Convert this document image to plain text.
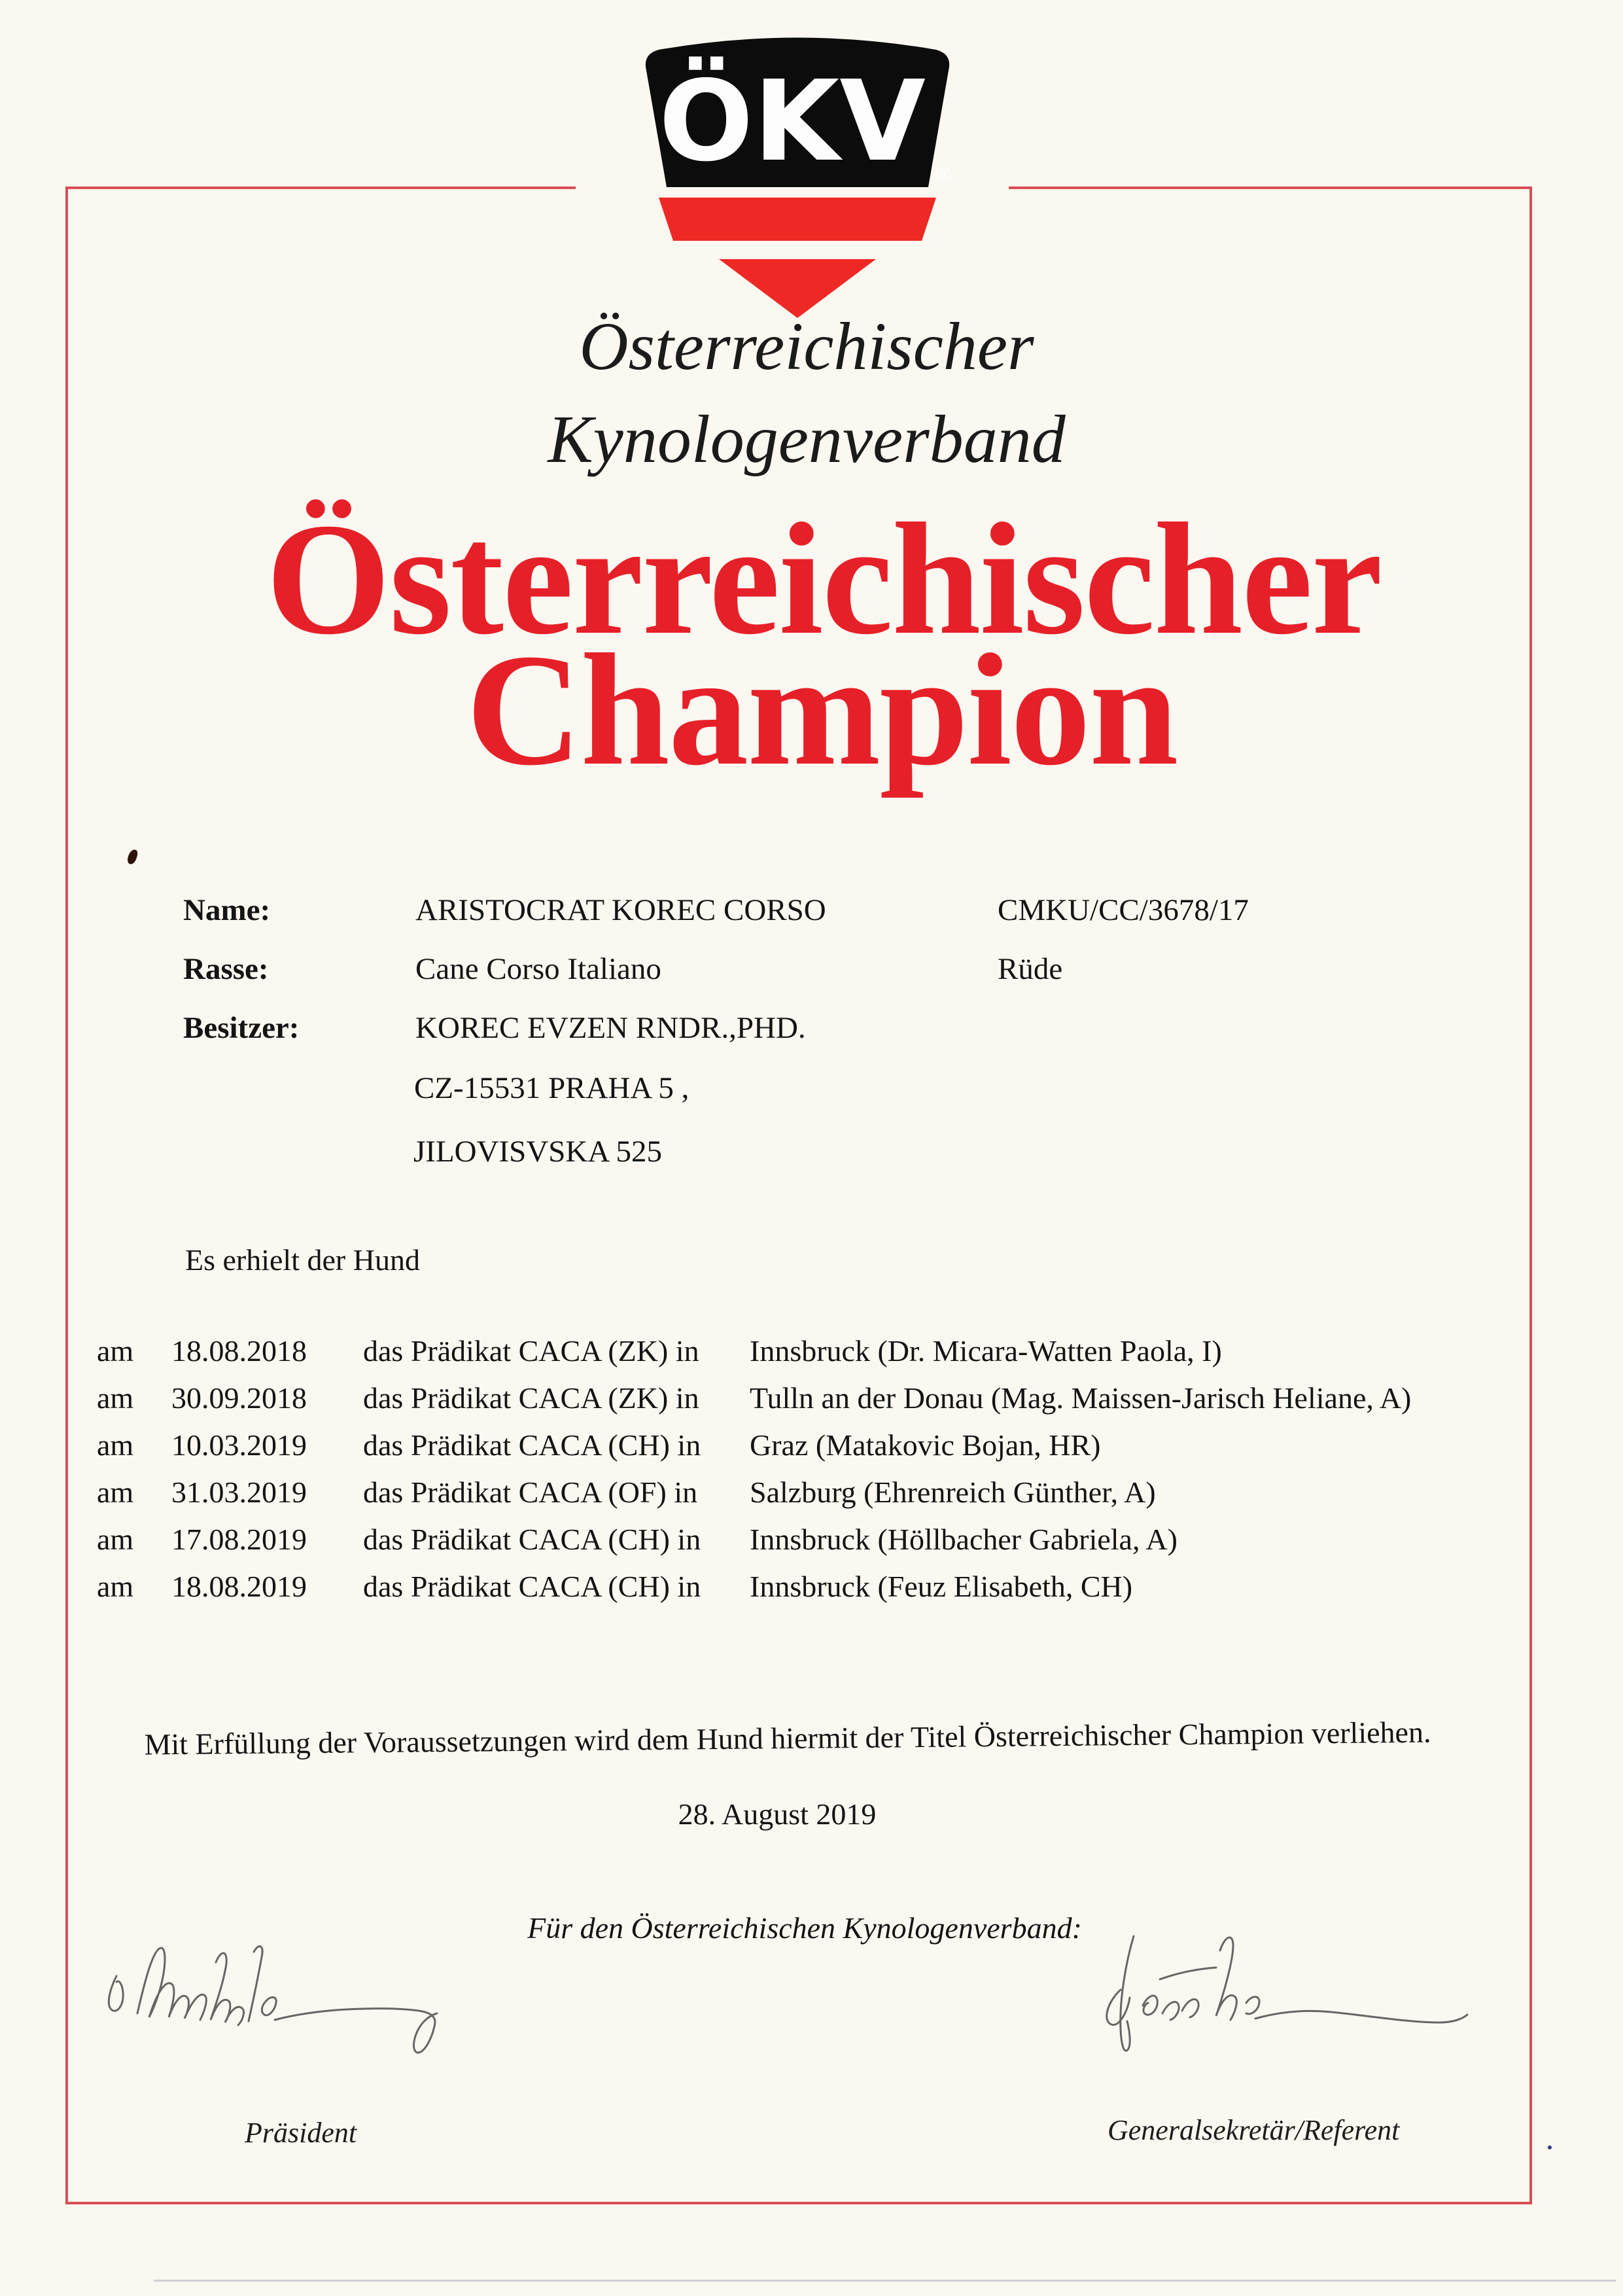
ÖKV ®
Österreichischer
Kynologenverband
Österreichischer
Champion
Name:	ARISTOCRAT KOREC CORSO	CMKU/CC/3678/17
Rasse:	Cane Corso Italiano	Rüde
Besitzer:	KOREC EVZEN RNDR.,PHD.
CZ-15531 PRAHA 5 ,
JILOVISVSKA 525
Es erhielt der Hund
am 18.08.2018 das Prädikat CACA (ZK) in Innsbruck (Dr. Micara-Watten Paola, I)
am 30.09.2018 das Prädikat CACA (ZK) in Tulln an der Donau (Mag. Maissen-Jarisch Heliane, A)
am 10.03.2019 das Prädikat CACA (CH) in Graz (Matakovic Bojan, HR)
am 31.03.2019 das Prädikat CACA (OF) in Salzburg (Ehrenreich Günther, A)
am 17.08.2019 das Prädikat CACA (CH) in Innsbruck (Höllbacher Gabriela, A)
am 18.08.2019 das Prädikat CACA (CH) in Innsbruck (Feuz Elisabeth, CH)
Mit Erfüllung der Voraussetzungen wird dem Hund hiermit der Titel Österreichischer Champion verliehen.
28. August 2019
Für den Österreichischen Kynologenverband:
Präsident	Generalsekretär/Referent
